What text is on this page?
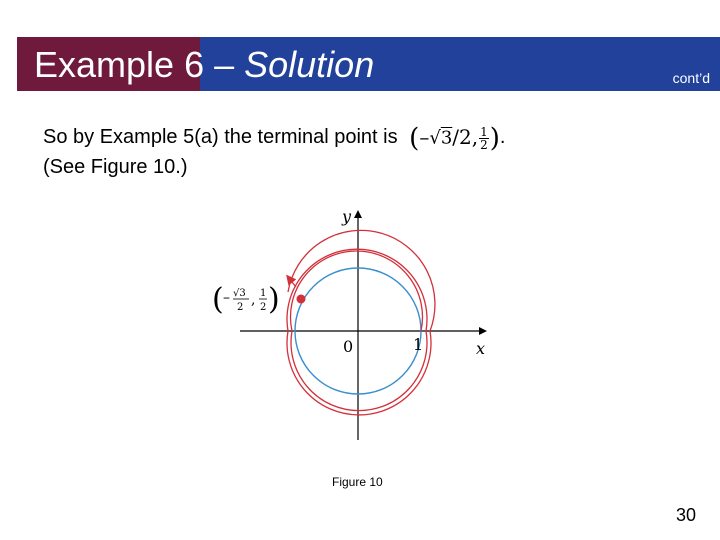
Example 6 – Solution	cont’d
So by Example 5(a) the terminal point is (–√3/2, $\frac{1}{2}$ ).
(See Figure 10.)
y
x
0	1
( – √3
2 , 1
2 )
Figure 10
30
